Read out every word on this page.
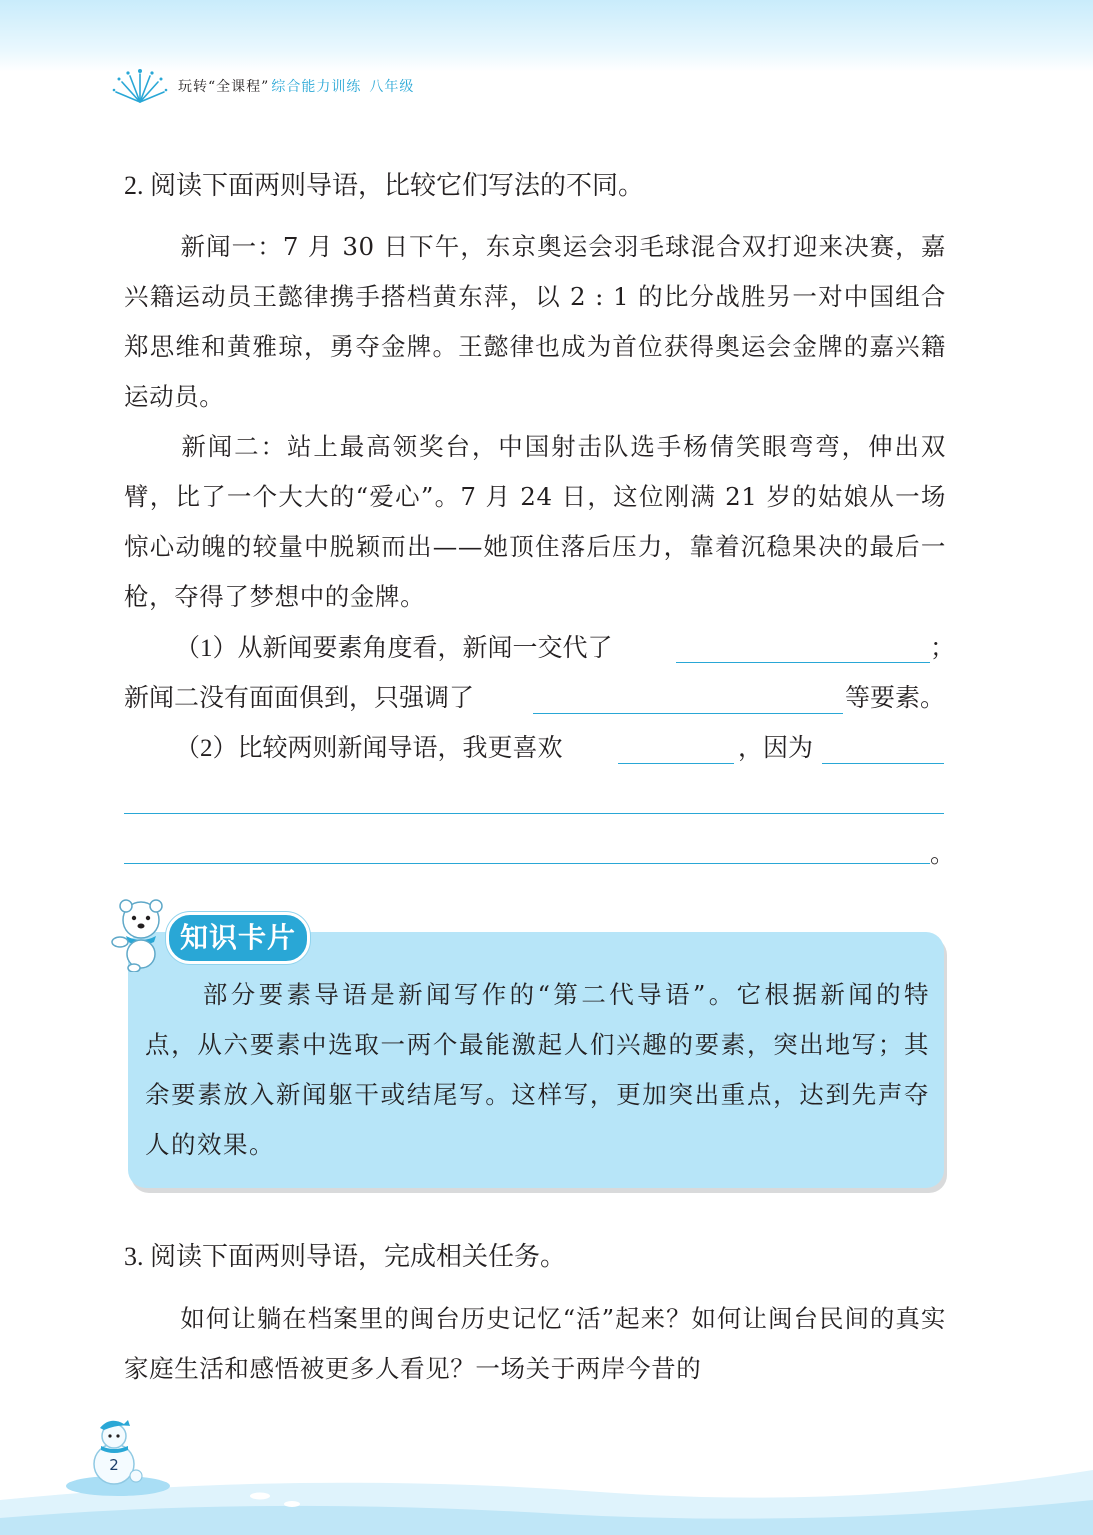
玩转“全课程” 综合能力训练 八年级
2. 阅读下面两则导语，比较它们写法的不同。
新闻一：7 月 30 日下午，东京奥运会羽毛球混合双打迎来决赛，嘉兴籍运动员王懿律携手搭档黄东萍，以 2 : 1 的比分战胜另一对中国组合郑思维和黄雅琼，勇夺金牌。王懿律也成为首位获得奥运会金牌的嘉兴籍运动员。
新闻二：站上最高领奖台，中国射击队选手杨倩笑眼弯弯，伸出双臂，比了一个大大的“爱心”。7 月 24 日，这位刚满 21 岁的姑娘从一场惊心动魄的较量中脱颖而出——她顶住落后压力，靠着沉稳果决的最后一枪，夺得了梦想中的金牌。
（1）从新闻要素角度看，新闻一交代了	；
新闻二没有面面俱到，只强调了	等要素。
（2）比较两则新闻导语，我更喜欢	，因为
。
知识卡片
部分要素导语是新闻写作的“第二代导语”。它根据新闻的特点，从六要素中选取一两个最能激起人们兴趣的要素，突出地写；其余要素放入新闻躯干或结尾写。这样写，更加突出重点，达到先声夺人的效果。
3. 阅读下面两则导语，完成相关任务。
如何让躺在档案里的闽台历史记忆“活”起来？如何让闽台民间的真实家庭生活和感悟被更多人看见？一场关于两岸今昔的
2
